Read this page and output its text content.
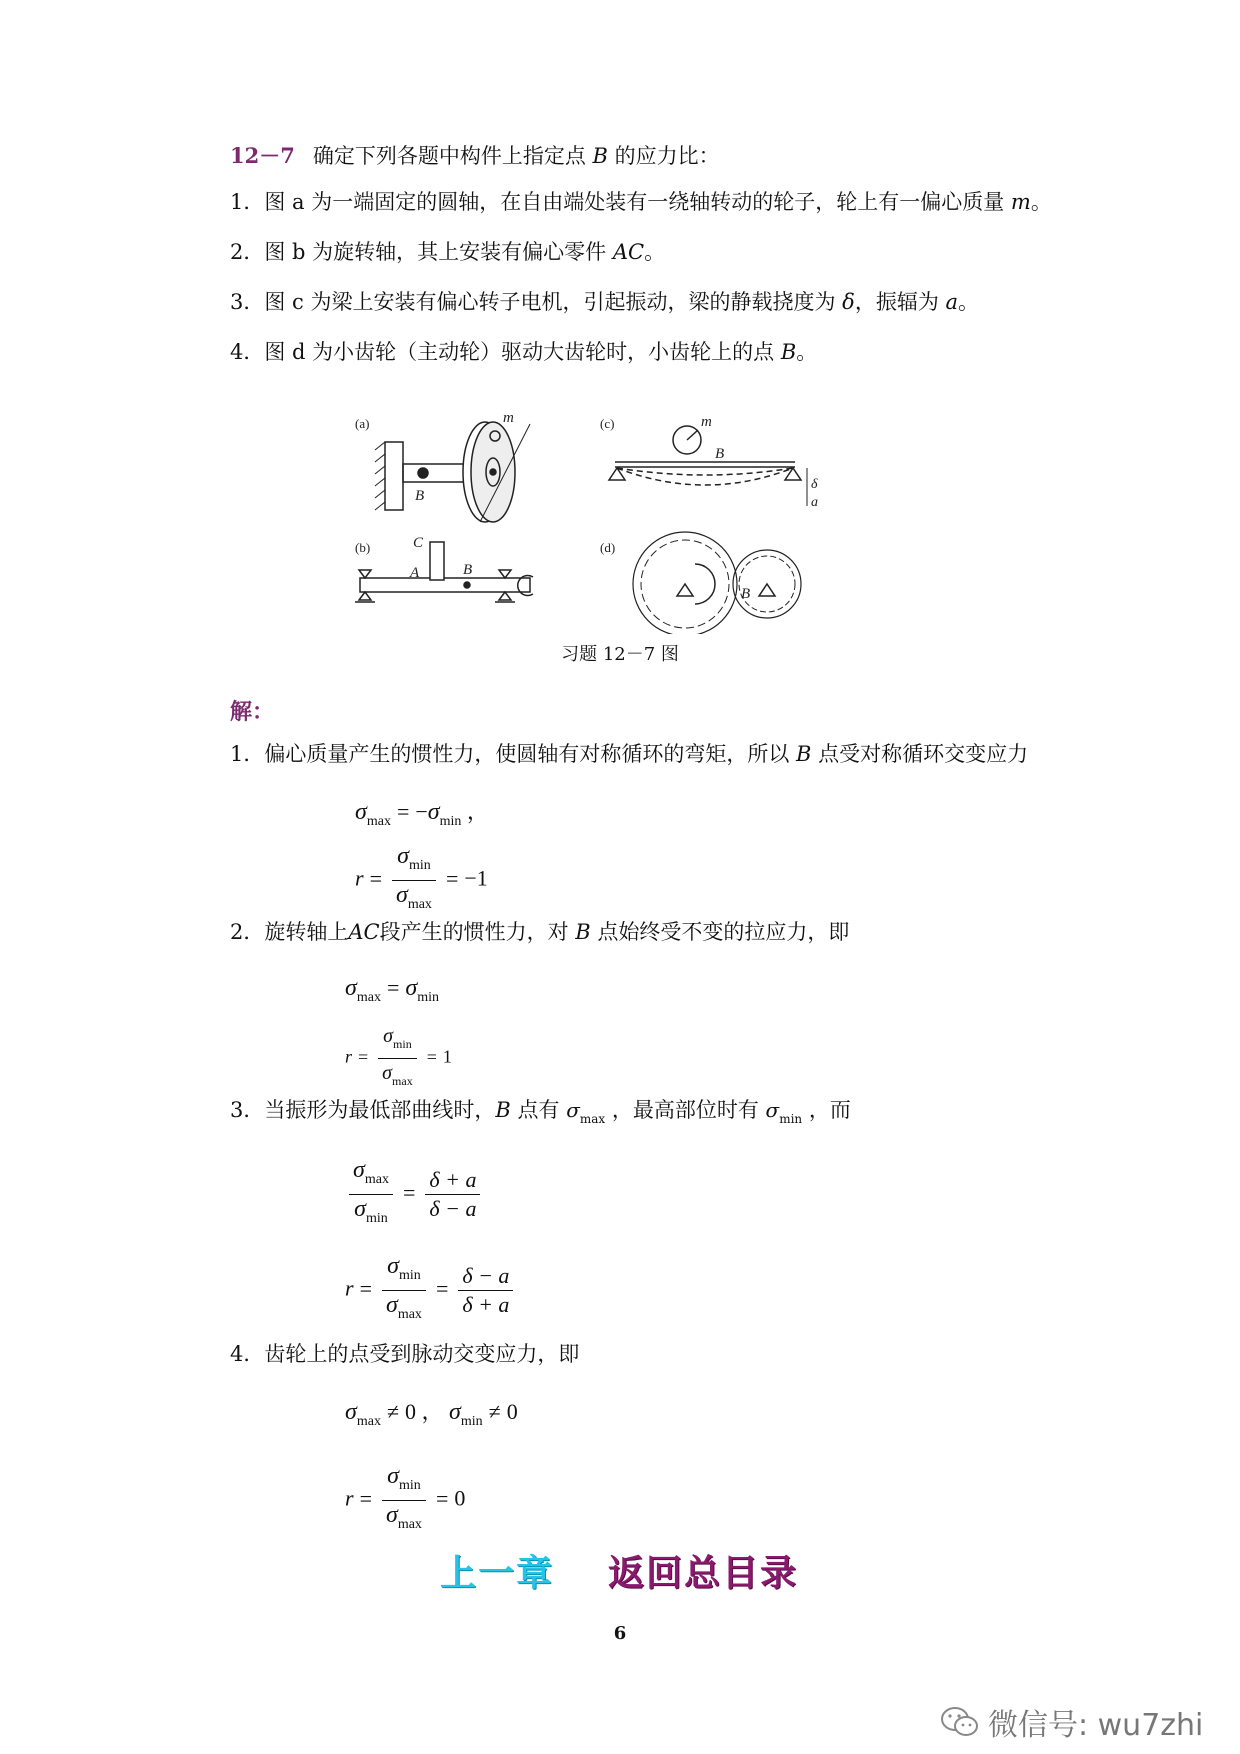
12－7 确定下列各题中构件上指定点 B 的应力比：
1．图 a 为一端固定的圆轴，在自由端处装有一绕轴转动的轮子，轮上有一偏心质量 m。
2．图 b 为旋转轴，其上安装有偏心零件 AC。
3．图 c 为梁上安装有偏心转子电机，引起振动，梁的静载挠度为 δ，振辐为 a。
4．图 d 为小齿轮（主动轮）驱动大齿轮时，小齿轮上的点 B。
(a)
B
m
(b)	C
A	B
(c)	m
B
δ
a
(d)
B
习题 12－7 图
解：
1．偏心质量产生的惯性力，使圆轴有对称循环的弯矩，所以 B 点受对称循环交变应力
$\sigma_{max} = -\sigma_{min}$ ，
$r = \frac{\sigma_{min}}{\sigma_{max}} = -1$
2．旋转轴上AC段产生的惯性力，对 B 点始终受不变的拉应力，即
$\sigma_{max} = \sigma_{min}$
$r = \frac{\sigma_{min}}{\sigma_{max}} = 1$
3．当振形为最低部曲线时，B 点有 $\sigma_{max}$ ，最高部位时有 $\sigma_{min}$ ，而
$\frac{\sigma_{max}}{\sigma_{min}} = \frac{\delta + a}{\delta - a}$
$r = \frac{\sigma_{min}}{\sigma_{max}} = \frac{\delta - a}{\delta + a}$
4．齿轮上的点受到脉动交变应力，即
$\sigma_{max} \ne 0$ ， $\sigma_{min} \ne 0$
$r = \frac{\sigma_{min}}{\sigma_{max}} = 0$
上一章 返回总目录
6
微信号: wu7zhi
